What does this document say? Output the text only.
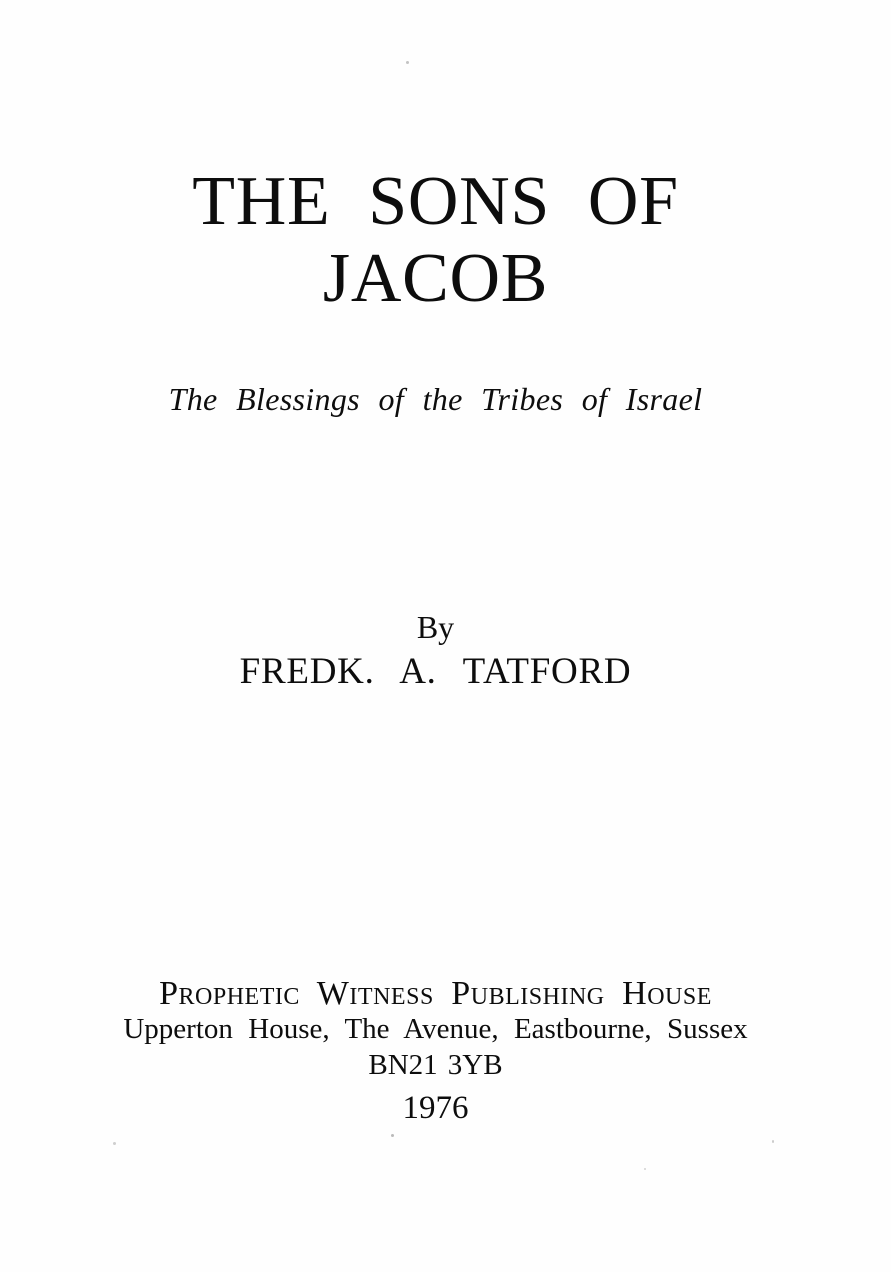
THE SONS OF
JACOB
The Blessings of the Tribes of Israel
By
FREDK. A. TATFORD
Prophetic Witness Publishing House
Upperton House, The Avenue, Eastbourne, Sussex
BN21 3YB
1976
